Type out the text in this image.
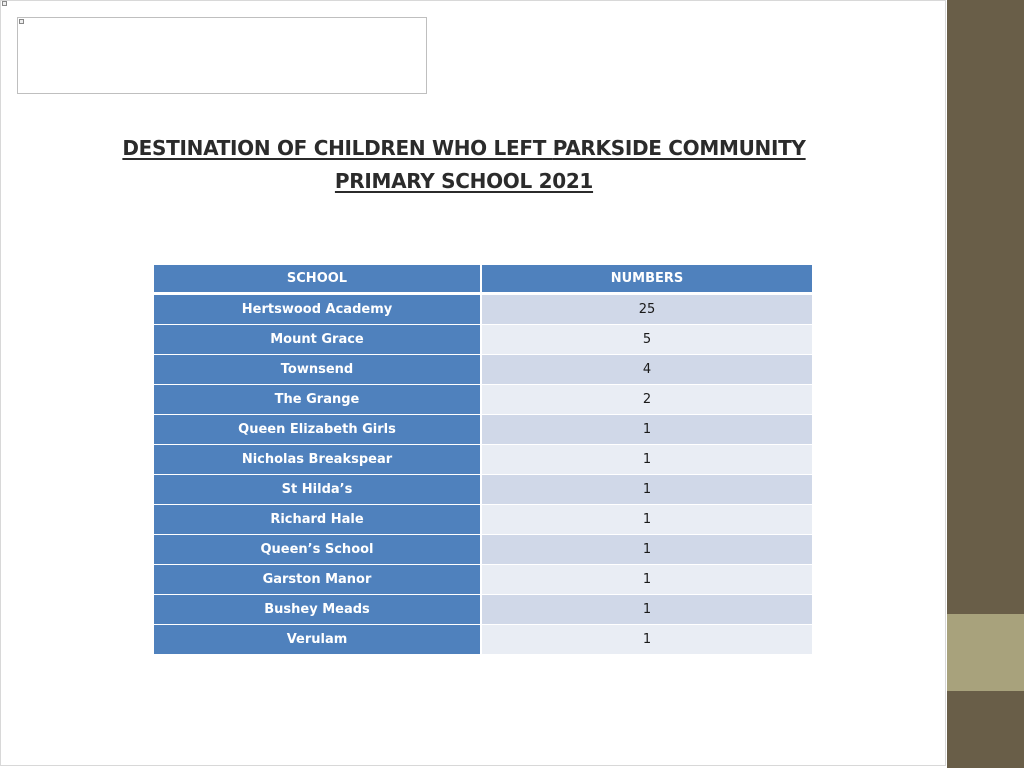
DESTINATION OF CHILDREN WHO LEFT PARKSIDE COMMUNITY
PRIMARY SCHOOL 2021
SCHOOL	NUMBERS
Hertswood Academy	25
Mount Grace	5
Townsend	4
The Grange	2
Queen Elizabeth Girls	1
Nicholas Breakspear	1
St Hilda’s	1
Richard Hale	1
Queen’s School	1
Garston Manor	1
Bushey Meads	1
Verulam	1
